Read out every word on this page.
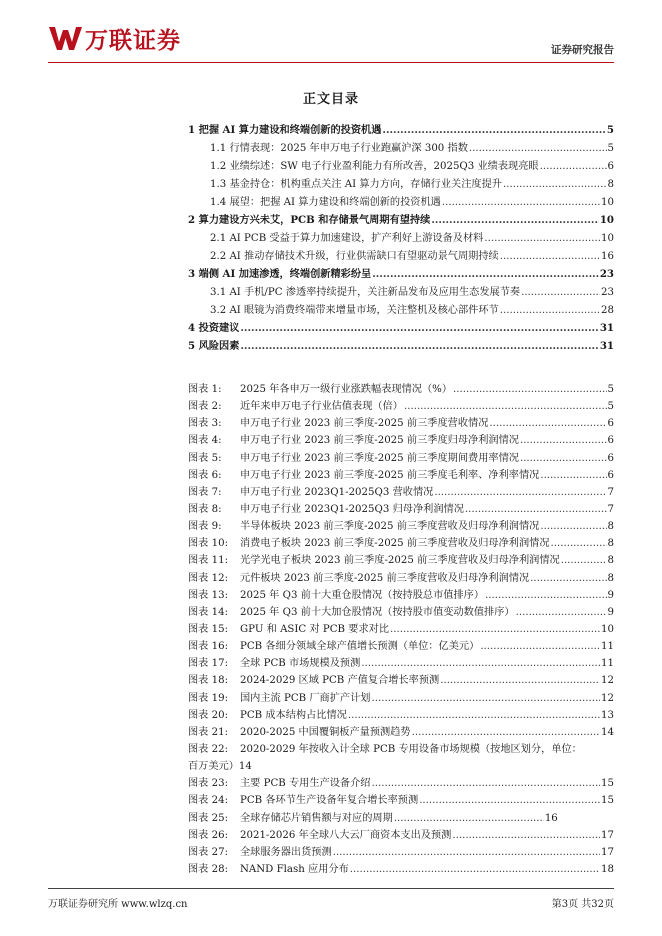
万联证券	证券研究报告
正文目录
1 把握 AI 算力建设和终端创新的投资机遇 .....	5
1.1 行情表现：2025 年申万电子行业跑赢沪深 300 指数 .....	5
1.2 业绩综述：SW 电子行业盈利能力有所改善，2025Q3 业绩表现亮眼 .....	6
1.3 基金持仓：机构重点关注 AI 算力方向，存储行业关注度提升 .....	8
1.4 展望：把握 AI 算力建设和终端创新的投资机遇 .....	10
2 算力建设方兴未艾，PCB 和存储景气周期有望持续 .....	10
2.1 AI PCB 受益于算力加速建设，扩产利好上游设备及材料 .....	10
2.2 AI 推动存储技术升级，行业供需缺口有望驱动景气周期持续 .....	16
3 端侧 AI 加速渗透，终端创新精彩纷呈 .....	23
3.1 AI 手机/PC 渗透率持续提升，关注新品发布及应用生态发展节奏 .....	23
3.2 AI 眼镜为消费终端带来增量市场，关注整机及核心部件环节 .....	28
4 投资建议 .....	31
5 风险因素 .....	31
图表 1:	2025 年各申万一级行业涨跌幅表现情况（%） .....	5
图表 2:	近年来申万电子行业估值表现（倍） .....	5
图表 3:	申万电子行业 2023 前三季度-2025 前三季度营收情况 .....	6
图表 4:	申万电子行业 2023 前三季度-2025 前三季度归母净利润情况 .....	6
图表 5:	申万电子行业 2023 前三季度-2025 前三季度期间费用率情况 .....	6
图表 6:	申万电子行业 2023 前三季度-2025 前三季度毛利率、净利率情况 .....	6
图表 7:	申万电子行业 2023Q1-2025Q3 营收情况 .....	7
图表 8:	申万电子行业 2023Q1-2025Q3 归母净利润情况 .....	7
图表 9:	半导体板块 2023 前三季度-2025 前三季度营收及归母净利润情况 .....	8
图表 10:	消费电子板块 2023 前三季度-2025 前三季度营收及归母净利润情况 .....	8
图表 11:	光学光电子板块 2023 前三季度-2025 前三季度营收及归母净利润情况 .....	8
图表 12:	元件板块 2023 前三季度-2025 前三季度营收及归母净利润情况 .....	8
图表 13:	2025 年 Q3 前十大重仓股情况（按持股总市值排序） .....	9
图表 14:	2025 年 Q3 前十大加仓股情况（按持股市值变动数值排序） .....	9
图表 15:	GPU 和 ASIC 对 PCB 要求对比 .....	10
图表 16:	PCB 各细分领域全球产值增长预测（单位：亿美元） .....	11
图表 17:	全球 PCB 市场规模及预测 .....	11
图表 18:	2024-2029 区域 PCB 产值复合增长率预测 .....	12
图表 19:	国内主流 PCB 厂商扩产计划 .....	12
图表 20:	PCB 成本结构占比情况 .....	13
图表 21:	2020-2025 中国覆铜板产量预测趋势 .....	14
图表 22:	2020-2029 年按收入计全球 PCB 专用设备市场规模（按地区划分，单位：
百万美元）14
图表 23:	主要 PCB 专用生产设备介绍 .....	15
图表 24:	PCB 各环节生产设备年复合增长率预测 .....	15
图表 25:	全球存储芯片销售额与对应的周期 .....	16
图表 26:	2021-2026 年全球八大云厂商资本支出及预测 .....	17
图表 27:	全球服务器出货预测 .....	17
图表 28:	NAND Flash 应用分布 .....	18
万联证券研究所 www.wlzq.cn	第3页 共32页
